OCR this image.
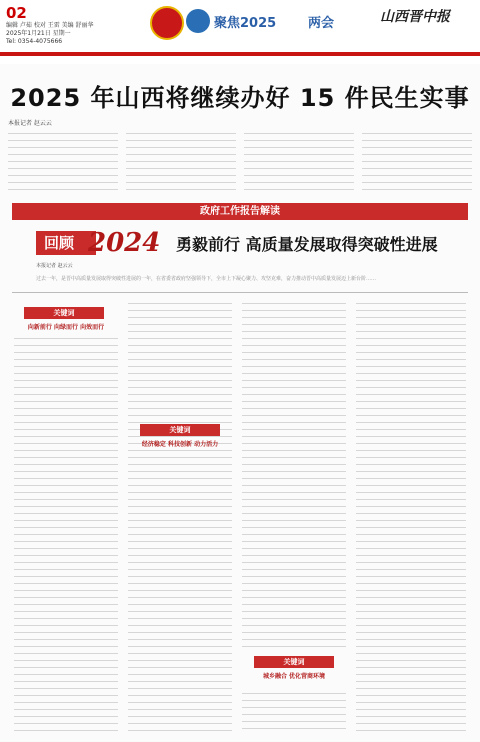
02
编辑 卢茹 校对 王雷 美编 舒丽华
2025年1月21日 星期一
Tel: 0354-4075666
聚焦2025 两会	山西晋中报
2025 年山西将继续办好 15 件民生实事
本报记者 赵云云
政府工作报告解读
回顾 2024 勇毅前行 高质量发展取得突破性进展
本报记者 赵云云
过去一年，是晋中高质量发展取得突破性进展的一年，在省委省政府坚强领导下，全市上下凝心聚力、攻坚克难，奋力推动晋中高质量发展迈上新台阶……
关键词
向新前行 向绿而行 向效而行
关键词
经济稳定 科技创新 动力活力
关键词
城乡融合 优化营商环境
